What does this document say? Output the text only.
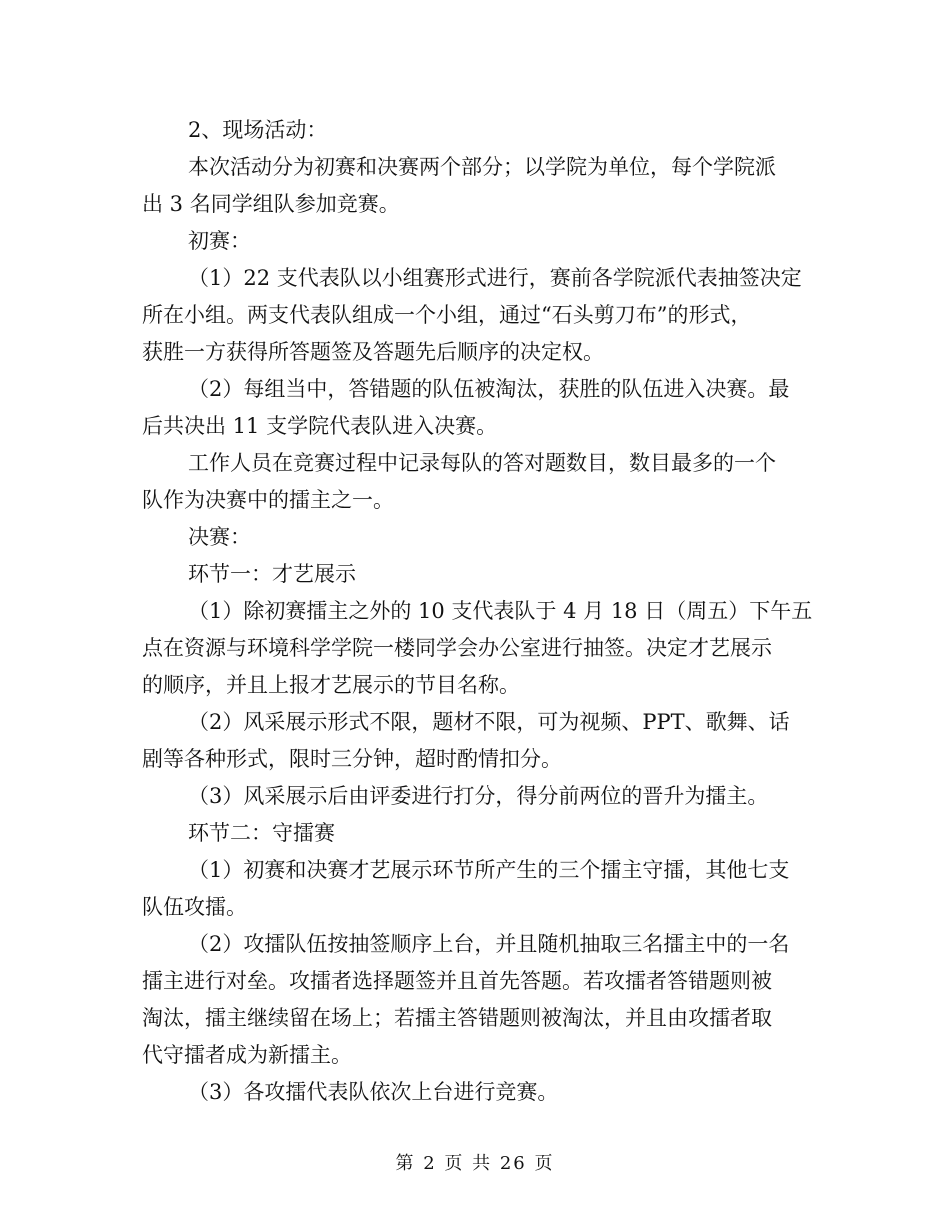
2、现场活动：

本次活动分为初赛和决赛两个部分；以学院为单位，每个学院派

出 3 名同学组队参加竞赛。

初赛：

（1）22 支代表队以小组赛形式进行，赛前各学院派代表抽签决定

所在小组。两支代表队组成一个小组，通过“石头剪刀布”的形式，

获胜一方获得所答题签及答题先后顺序的决定权。

（2）每组当中，答错题的队伍被淘汰，获胜的队伍进入决赛。最

后共决出 11 支学院代表队进入决赛。

工作人员在竞赛过程中记录每队的答对题数目，数目最多的一个

队作为决赛中的擂主之一。

决赛：

环节一：才艺展示

（1）除初赛擂主之外的 10 支代表队于 4 月 18 日（周五）下午五

点在资源与环境科学学院一楼同学会办公室进行抽签。决定才艺展示

的顺序，并且上报才艺展示的节目名称。

（2）风采展示形式不限，题材不限，可为视频、PPT、歌舞、话

剧等各种形式，限时三分钟，超时酌情扣分。

（3）风采展示后由评委进行打分，得分前两位的晋升为擂主。

环节二：守擂赛

（1）初赛和决赛才艺展示环节所产生的三个擂主守擂，其他七支

队伍攻擂。

（2）攻擂队伍按抽签顺序上台，并且随机抽取三名擂主中的一名

擂主进行对垒。攻擂者选择题签并且首先答题。若攻擂者答错题则被

淘汰，擂主继续留在场上；若擂主答错题则被淘汰，并且由攻擂者取

代守擂者成为新擂主。

（3）各攻擂代表队依次上台进行竞赛。

第 2 页 共 26 页
